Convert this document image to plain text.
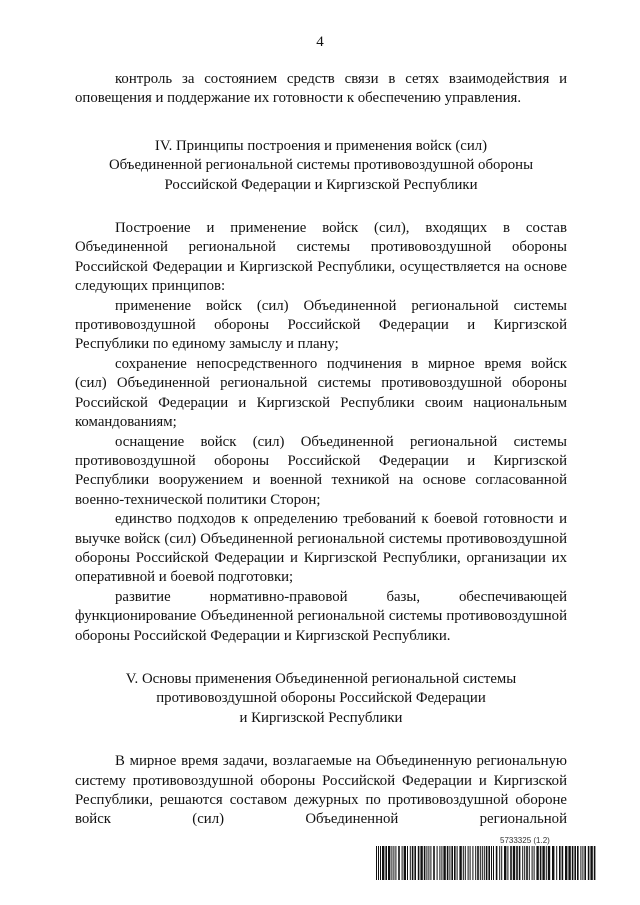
4

контроль за состоянием средств связи в сетях взаимодействия и оповещения и поддержание их готовности к обеспечению управления.

IV. Принципы построения и применения войск (сил)
Объединенной региональной системы противовоздушной обороны
Российской Федерации и Киргизской Республики

Построение и применение войск (сил), входящих в состав Объединенной региональной системы противовоздушной обороны Российской Федерации и Киргизской Республики, осуществляется на основе следующих принципов:

применение войск (сил) Объединенной региональной системы противовоздушной обороны Российской Федерации и Киргизской Республики по единому замыслу и плану;

сохранение непосредственного подчинения в мирное время войск (сил) Объединенной региональной системы противовоздушной обороны Российской Федерации и Киргизской Республики своим национальным командованиям;

оснащение войск (сил) Объединенной региональной системы противовоздушной обороны Российской Федерации и Киргизской Республики вооружением и военной техникой на основе согласованной военно-технической политики Сторон;

единство подходов к определению требований к боевой готовности и выучке войск (сил) Объединенной региональной системы противовоздушной обороны Российской Федерации и Киргизской Республики, организации их оперативной и боевой подготовки;

развитие нормативно-правовой базы, обеспечивающей функционирование Объединенной региональной системы противовоздушной обороны Российской Федерации и Киргизской Республики.

V. Основы применения Объединенной региональной системы
противовоздушной обороны Российской Федерации
и Киргизской Республики

В мирное время задачи, возлагаемые на Объединенную региональную систему противовоздушной обороны Российской Федерации и Киргизской Республики, решаются составом дежурных по противовоздушной обороне войск (сил) Объединенной региональной

5733325 (1.2)
